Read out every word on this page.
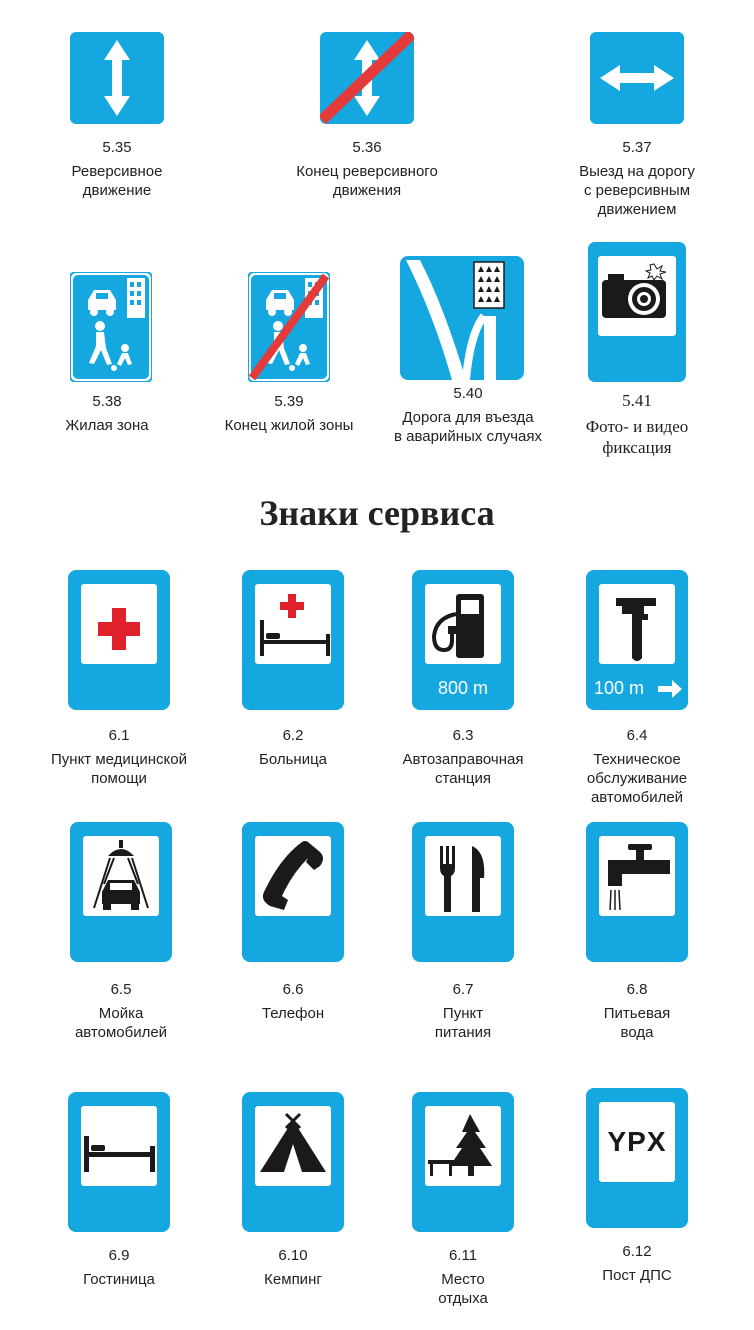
5.35
Реверсивное
движение
5.36
Конец реверсивного
движения
5.37
Выезд на дорогу
с реверсивным
движением
5.38
Жилая зона
5.39
Конец жилой зоны
5.40
Дорога для въезда
в аварийных случаях
5.41
Фото- и видео
фиксация
Знаки сервиса
6.1
Пункт медицинской
помощи
6.2
Больница
800 m
6.3
Автозаправочная
станция
100 m
6.4
Техническое
обслуживание
автомобилей
6.5
Мойка
автомобилей
6.6
Телефон
6.7
Пункт
питания
6.8
Питьевая
вода
6.9
Гостиница
6.10
Кемпинг
6.11
Место
отдыха
YPX
6.12
Пост ДПС
